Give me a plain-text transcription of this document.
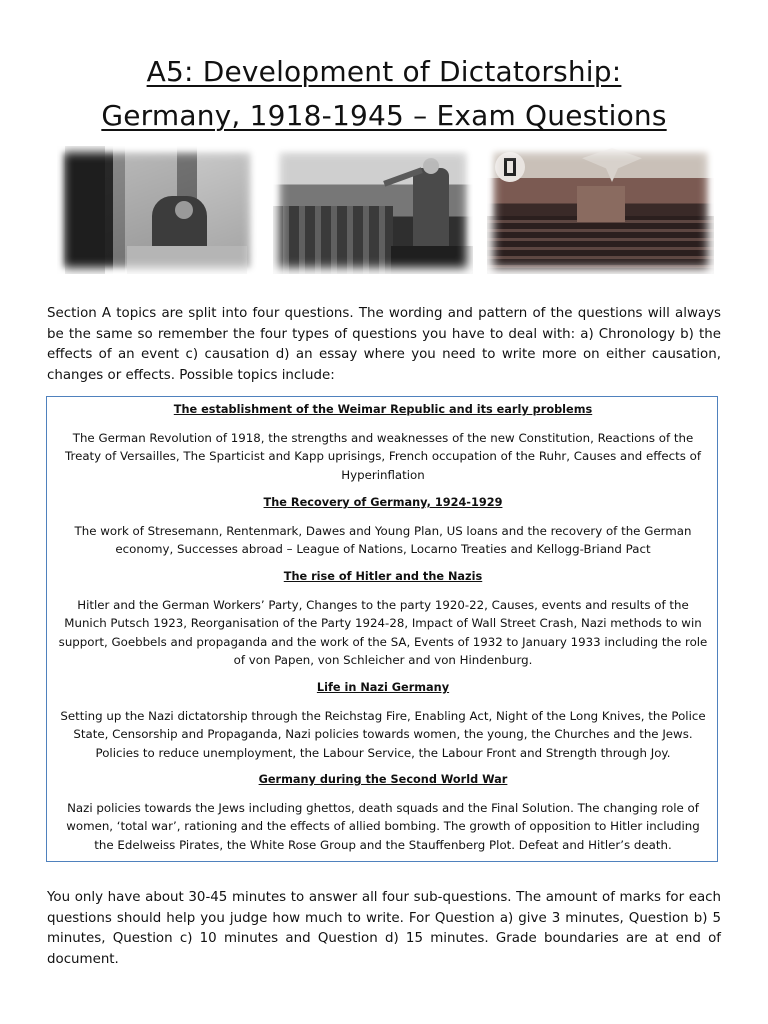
A5: Development of Dictatorship:
Germany, 1918-1945 – Exam Questions
Section A topics are split into four questions. The wording and pattern of the questions will always be the same so remember the four types of questions you have to deal with: a) Chronology b) the effects of an event c) causation d) an essay where you need to write more on either causation, changes or effects. Possible topics include:
The establishment of the Weimar Republic and its early problems
The German Revolution of 1918, the strengths and weaknesses of the new Constitution, Reactions of the Treaty of Versailles, The Sparticist and Kapp uprisings, French occupation of the Ruhr, Causes and effects of Hyperinflation
The Recovery of Germany, 1924-1929
The work of Stresemann, Rentenmark, Dawes and Young Plan, US loans and the recovery of the German economy, Successes abroad – League of Nations, Locarno Treaties and Kellogg-Briand Pact
The rise of Hitler and the Nazis
Hitler and the German Workers’ Party, Changes to the party 1920-22, Causes, events and results of the Munich Putsch 1923, Reorganisation of the Party 1924-28, Impact of Wall Street Crash, Nazi methods to win support, Goebbels and propaganda and the work of the SA, Events of 1932 to January 1933 including the role of von Papen, von Schleicher and von Hindenburg.
Life in Nazi Germany
Setting up the Nazi dictatorship through the Reichstag Fire, Enabling Act, Night of the Long Knives, the Police State, Censorship and Propaganda, Nazi policies towards women, the young, the Churches and the Jews. Policies to reduce unemployment, the Labour Service, the Labour Front and Strength through Joy.
Germany during the Second World War
Nazi policies towards the Jews including ghettos, death squads and the Final Solution. The changing role of women, ‘total war’, rationing and the effects of allied bombing. The growth of opposition to Hitler including the Edelweiss Pirates, the White Rose Group and the Stauffenberg Plot. Defeat and Hitler’s death.
You only have about 30-45 minutes to answer all four sub-questions. The amount of marks for each questions should help you judge how much to write. For Question a) give 3 minutes, Question b) 5 minutes, Question c) 10 minutes and Question d) 15 minutes. Grade boundaries are at end of document.
